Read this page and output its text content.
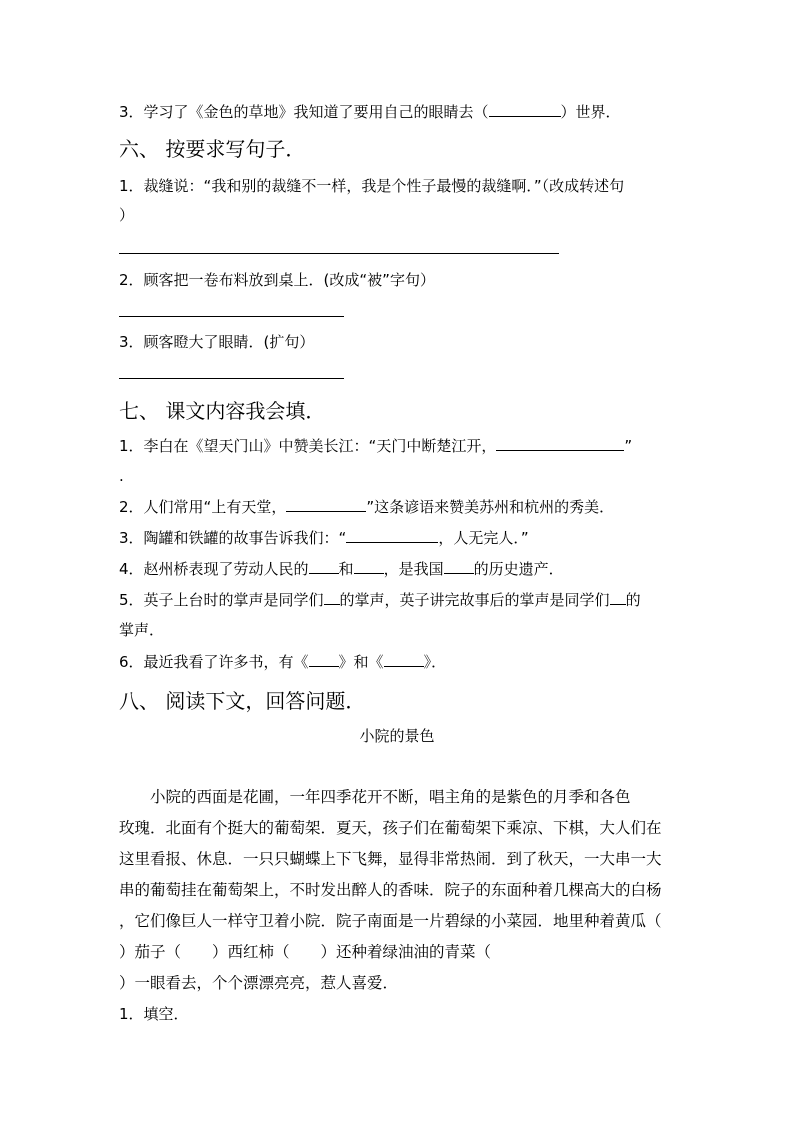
3．学习了《金色的草地》我知道了要用自己的眼睛去（	）世界．
六、 按要求写句子．
1．裁缝说：“我和别的裁缝不一样，我是个性子最慢的裁缝啊．”（改成转述句
）
2．顾客把一卷布料放到桌上．(改成“被”字句）
3．顾客瞪大了眼睛．(扩句）
七、 课文内容我会填．
1．李白在《望天门山》中赞美长江：“天门中断楚江开，	”
.
2．人们常用“上有天堂，	”这条谚语来赞美苏州和杭州的秀美．
3．陶罐和铁罐的故事告诉我们：“	，人无完人．”
4．赵州桥表现了劳动人民的 和 ，是我国 的历史遗产．
5．英子上台时的掌声是同学们 的掌声，英子讲完故事后的掌声是同学们 的
掌声．
6．最近我看了许多书，有《 》和《	》．
八、 阅读下文，回答问题．
小院的景色
　　小院的西面是花圃，一年四季花开不断，唱主角的是紫色的月季和各色
玫瑰．北面有个挺大的葡萄架．夏天，孩子们在葡萄架下乘凉、下棋，大人们在
这里看报、休息．一只只蝴蝶上下飞舞，显得非常热闹．到了秋天，一大串一大
串的葡萄挂在葡萄架上，不时发出醉人的香味．院子的东面种着几棵高大的白杨
，它们像巨人一样守卫着小院．院子南面是一片碧绿的小菜园．地里种着黄瓜（
）茄子（　　）西红柿（　　）还种着绿油油的青菜（
）一眼看去，个个漂漂亮亮，惹人喜爱．
1．填空．
